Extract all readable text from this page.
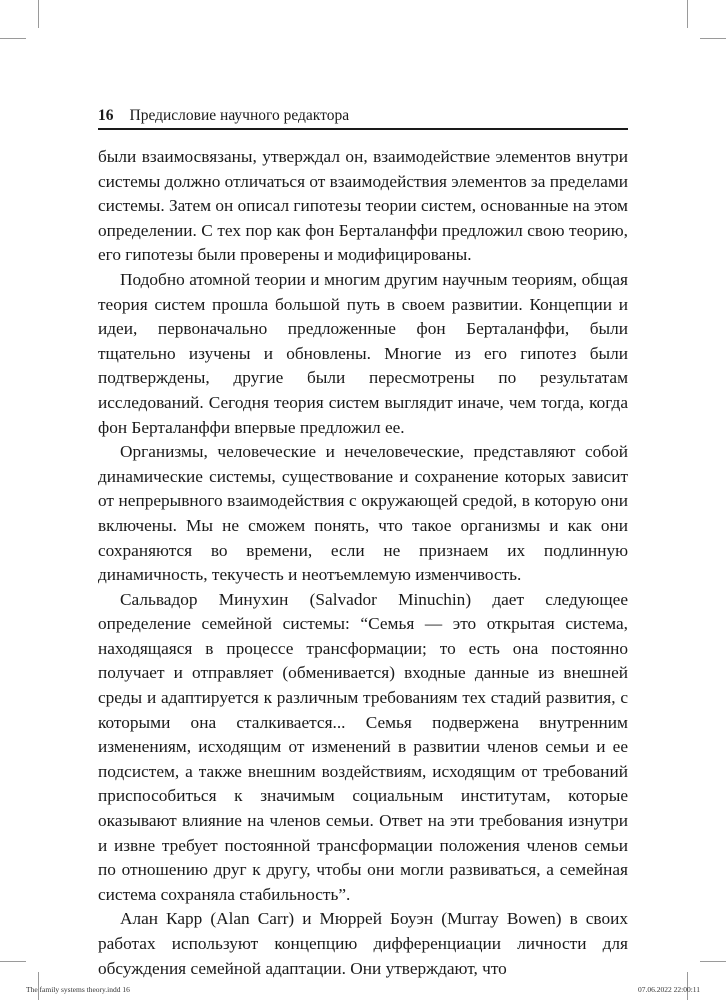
16 Предисловие научного редактора

были взаимосвязаны, утверждал он, взаимодействие элементов внутри системы должно отличаться от взаимодействия элементов за пределами системы. Затем он описал гипотезы теории систем, основанные на этом определении. С тех пор как фон Берталанффи предложил свою теорию, его гипотезы были проверены и модифицированы.

Подобно атомной теории и многим другим научным теориям, общая теория систем прошла большой путь в своем развитии. Концепции и идеи, первоначально предложенные фон Берталанффи, были тщательно изучены и обновлены. Многие из его гипотез были подтверждены, другие были пересмотрены по результатам исследований. Сегодня теория систем выглядит иначе, чем тогда, когда фон Берталанффи впервые предложил ее.

Организмы, человеческие и нечеловеческие, представляют собой динамические системы, существование и сохранение которых зависит от непрерывного взаимодействия с окружающей средой, в которую они включены. Мы не сможем понять, что такое организмы и как они сохраняются во времени, если не признаем их подлинную динамичность, текучесть и неотъемлемую изменчивость.

Сальвадор Минухин (Salvador Minuchin) дает следующее определение семейной системы: “Семья — это открытая система, находящаяся в процессе трансформации; то есть она постоянно получает и отправляет (обменивается) входные данные из внешней среды и адаптируется к различным требованиям тех стадий развития, с которыми она сталкивается... Семья подвержена внутренним изменениям, исходящим от изменений в развитии членов семьи и ее подсистем, а также внешним воздействиям, исходящим от требований приспособиться к значимым социальным институтам, которые оказывают влияние на членов семьи. Ответ на эти требования изнутри и извне требует постоянной трансформации положения членов семьи по отношению друг к другу, чтобы они могли развиваться, а семейная система сохраняла стабильность”.

Алан Карр (Alan Carr) и Мюррей Боуэн (Murray Bowen) в своих работах используют концепцию дифференциации личности для обсуждения семейной адаптации. Они утверждают, что

The family systems theory.indd 16	07.06.2022 22:00:11
